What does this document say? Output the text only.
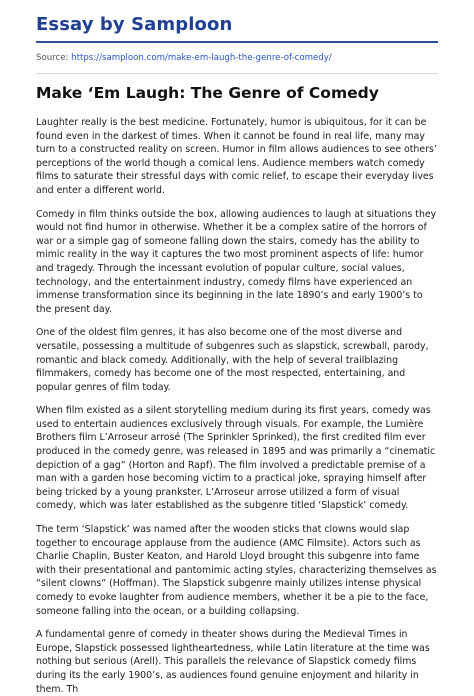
Essay by Samploon
Source: https://samploon.com/make-em-laugh-the-genre-of-comedy/
Make ‘Em Laugh: The Genre of Comedy

Laughter really is the best medicine. Fortunately, humor is ubiquitous, for it can be found even in the darkest of times. When it cannot be found in real life, many may turn to a constructed reality on screen. Humor in film allows audiences to see others’ perceptions of the world though a comical lens. Audience members watch comedy films to saturate their stressful days with comic relief, to escape their everyday lives and enter a different world.

Comedy in film thinks outside the box, allowing audiences to laugh at situations they would not find humor in otherwise. Whether it be a complex satire of the horrors of war or a simple gag of someone falling down the stairs, comedy has the ability to mimic reality in the way it captures the two most prominent aspects of life: humor and tragedy. Through the incessant evolution of popular culture, social values, technology, and the entertainment industry, comedy films have experienced an immense transformation since its beginning in the late 1890’s and early 1900’s to the present day.

One of the oldest film genres, it has also become one of the most diverse and versatile, possessing a multitude of subgenres such as slapstick, screwball, parody, romantic and black comedy. Additionally, with the help of several trailblazing filmmakers, comedy has become one of the most respected, entertaining, and popular genres of film today.

When film existed as a silent storytelling medium during its first years, comedy was used to entertain audiences exclusively through visuals. For example, the Lumière Brothers film L’Arroseur arrosé (The Sprinkler Sprinked), the first credited film ever produced in the comedy genre, was released in 1895 and was primarily a “cinematic depiction of a gag” (Horton and Rapf). The film involved a predictable premise of a man with a garden hose becoming victim to a practical joke, spraying himself after being tricked by a young prankster. L’Arroseur arrose utilized a form of visual comedy, which was later established as the subgenre titled ‘Slapstick’ comedy.

The term ‘Slapstick’ was named after the wooden sticks that clowns would slap together to encourage applause from the audience (AMC Filmsite). Actors such as Charlie Chaplin, Buster Keaton, and Harold Lloyd brought this subgenre into fame with their presentational and pantomimic acting styles, characterizing themselves as “silent clowns” (Hoffman). The Slapstick subgenre mainly utilizes intense physical comedy to evoke laughter from audience members, whether it be a pie to the face, someone falling into the ocean, or a building collapsing.

A fundamental genre of comedy in theater shows during the Medieval Times in Europe, Slapstick possessed lightheartedness, while Latin literature at the time was nothing but serious (Arell). This parallels the relevance of Slapstick comedy films during its the early 1900’s, as audiences found genuine enjoyment and hilarity in them. Th
